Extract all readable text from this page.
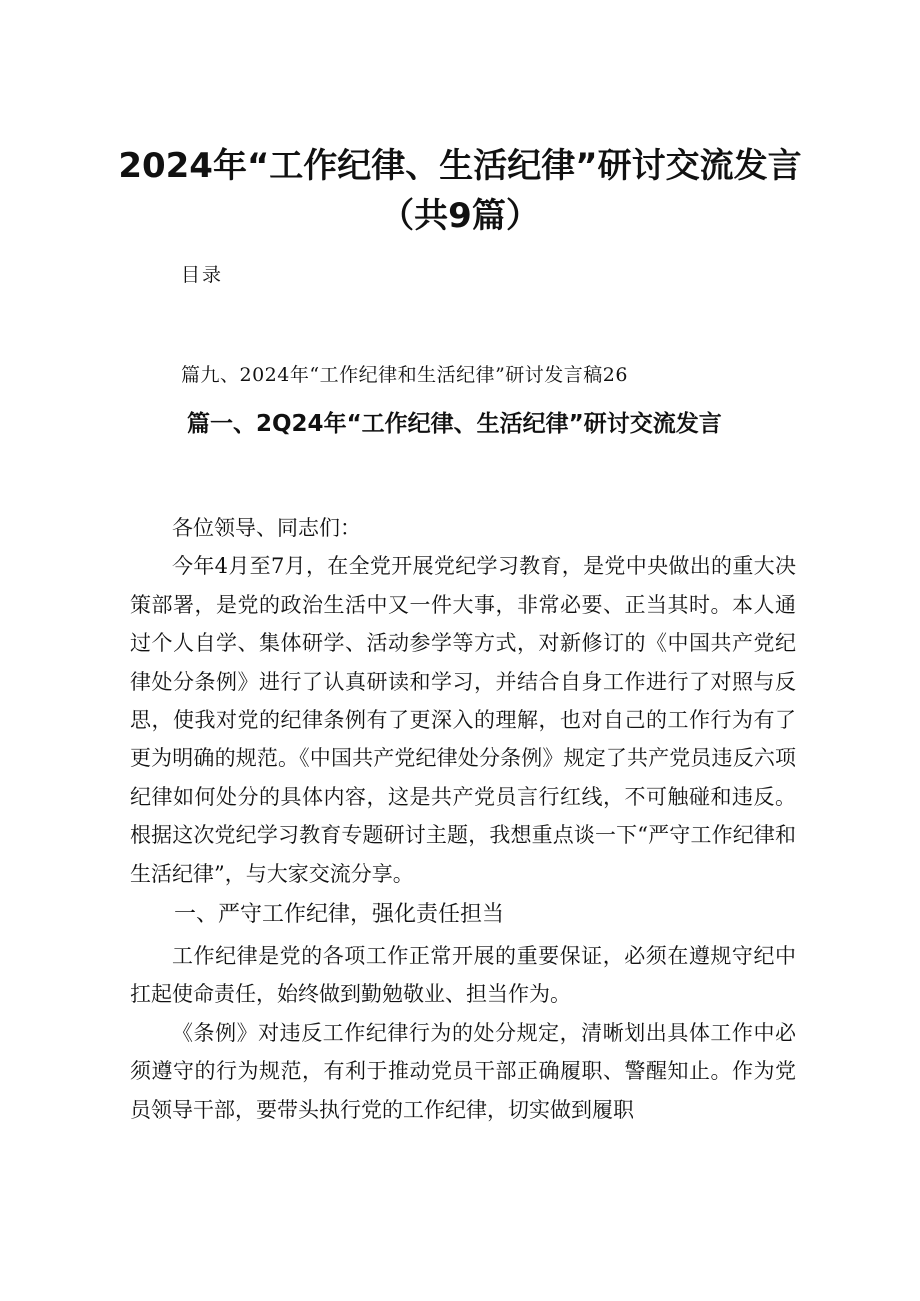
2024年“工作纪律、生活纪律”研讨交流发言
（共9篇）
目录
篇九、2024年“工作纪律和生活纪律”研讨发言稿26
篇一、2Q24年“工作纪律、生活纪律”研讨交流发言

各位领导、同志们：

今年4月至7月，在全党开展党纪学习教育，是党中央做出的重大决策部署，是党的政治生活中又一件大事，非常必要、正当其时。本人通过个人自学、集体研学、活动参学等方式，对新修订的《中国共产党纪律处分条例》进行了认真研读和学习，并结合自身工作进行了对照与反思，使我对党的纪律条例有了更深入的理解，也对自己的工作行为有了更为明确的规范。《中国共产党纪律处分条例》规定了共产党员违反六项纪律如何处分的具体内容，这是共产党员言行红线，不可触碰和违反。根据这次党纪学习教育专题研讨主题，我想重点谈一下“严守工作纪律和生活纪律”，与大家交流分享。

一、严守工作纪律，强化责任担当

工作纪律是党的各项工作正常开展的重要保证，必须在遵规守纪中扛起使命责任，始终做到勤勉敬业、担当作为。

《条例》对违反工作纪律行为的处分规定，清晰划出具体工作中必须遵守的行为规范，有利于推动党员干部正确履职、警醒知止。作为党员领导干部，要带头执行党的工作纪律，切实做到履职
